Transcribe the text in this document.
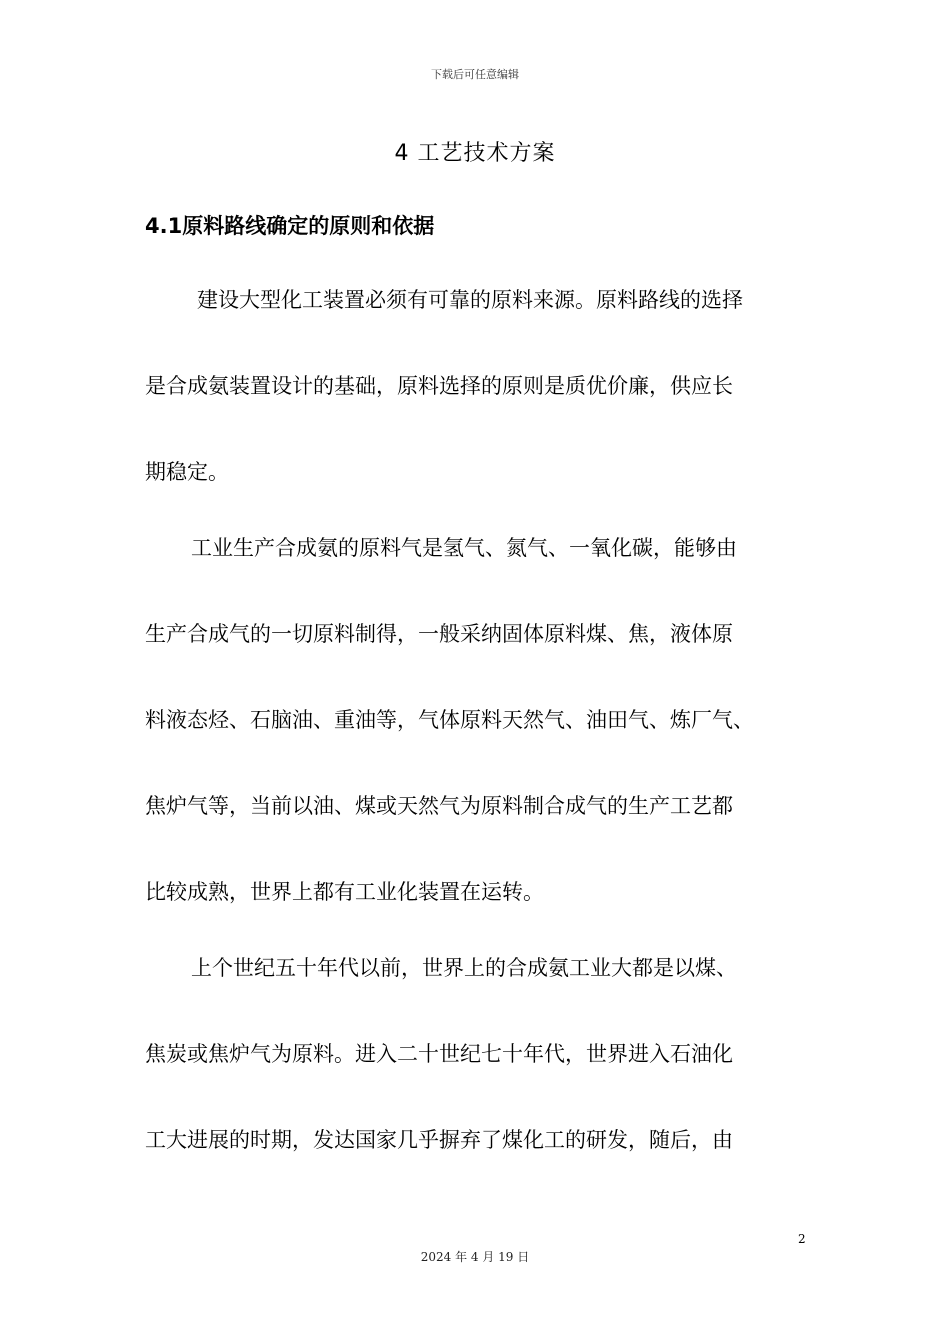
下载后可任意编辑
4 工艺技术方案
4.1原料路线确定的原则和依据

建设大型化工装置必须有可靠的原料来源。原料路线的选择

是合成氨装置设计的基础，原料选择的原则是质优价廉，供应长

期稳定。

工业生产合成氨的原料气是氢气、氮气、一氧化碳，能够由

生产合成气的一切原料制得，一般采纳固体原料煤、焦，液体原

料液态烃、石脑油、重油等，气体原料天然气、油田气、炼厂气、

焦炉气等，当前以油、煤或天然气为原料制合成气的生产工艺都

比较成熟，世界上都有工业化装置在运转。

上个世纪五十年代以前，世界上的合成氨工业大都是以煤、

焦炭或焦炉气为原料。进入二十世纪七十年代，世界进入石油化

工大进展的时期，发达国家几乎摒弃了煤化工的研发，随后，由

2
2024 年 4 月 19 日
